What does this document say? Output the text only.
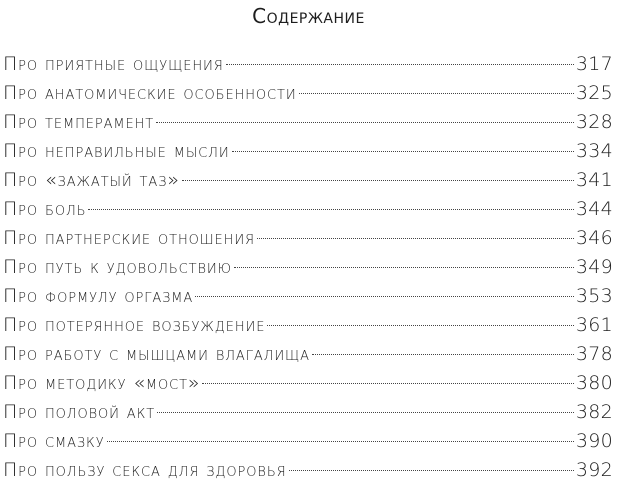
Содержание
Про приятные ощущения	317
Про анатомические особенности	325
Про темперамент	328
Про неправильные мысли	334
Про «зажатый таз»	341
Про боль	344
Про партнерские отношения	346
Про путь к удовольствию	349
Про формулу оргазма	353
Про потерянное возбуждение	361
Про работу с мышцами влагалища	378
Про методику «мост»	380
Про половой акт	382
Про смазку	390
Про пользу секса для здоровья	392
